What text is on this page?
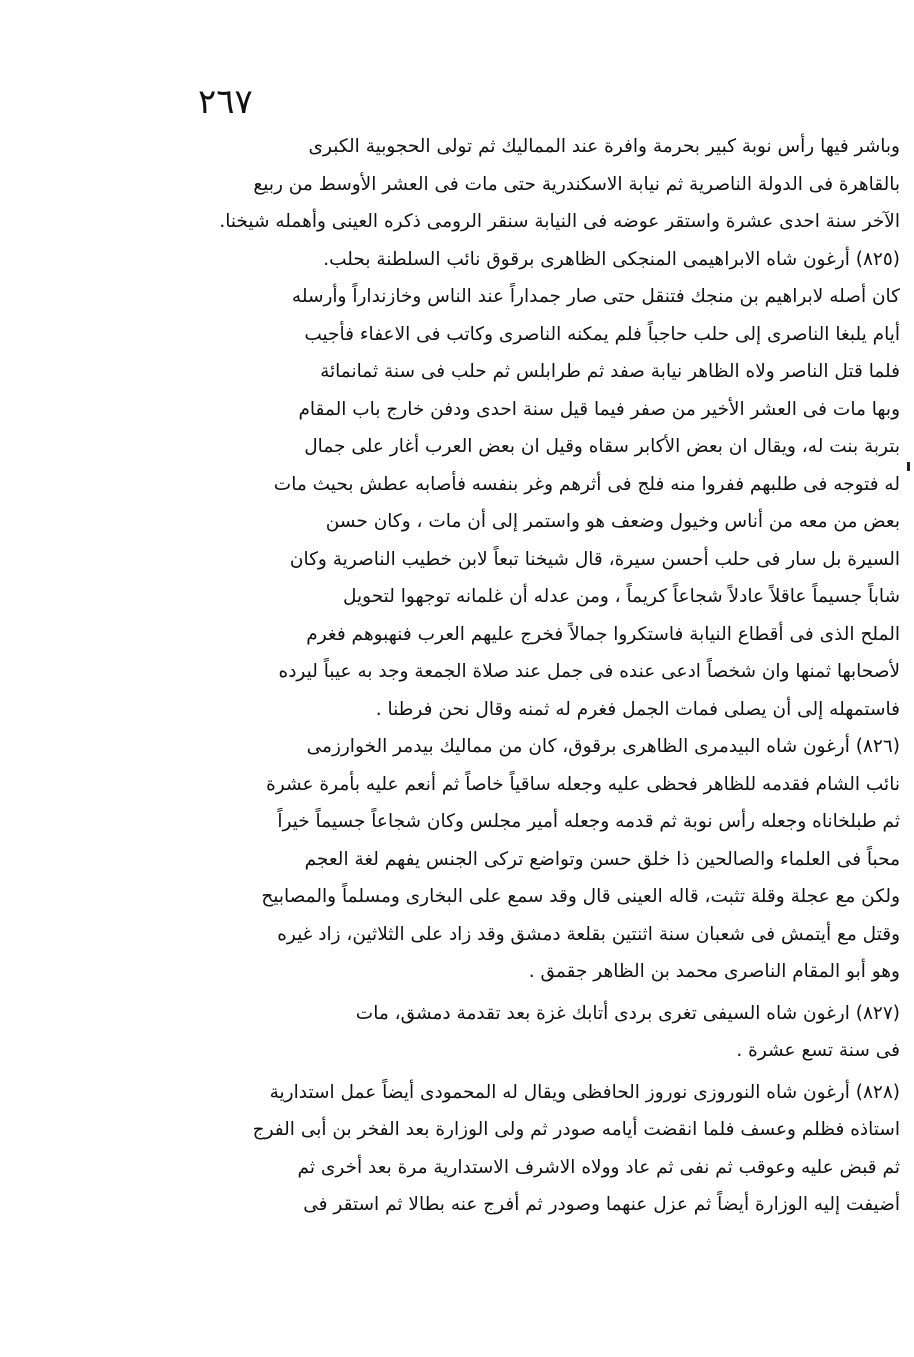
٢٦٧
وباشر فيها رأس نوبة كبير بحرمة وافرة عند المماليك ثم تولى الحجوبية الكبرى
بالقاهرة فى الدولة الناصرية ثم نيابة الاسكندرية حتى مات فى العشر الأوسط من ربيع
الآخر سنة احدى عشرة واستقر عوضه فى النيابة سنقر الرومى ذكره العينى وأهمله شيخنا.
(٨٢٥) أرغون شاه الابراهيمى المنجكى الظاهرى برقوق نائب السلطنة بحلب.
كان أصله لابراهيم بن منجك فتنقل حتى صار جمداراً عند الناس وخازنداراً وأرسله
أيام يلبغا الناصرى إلى حلب حاجباً فلم يمكنه الناصرى وكاتب فى الاعفاء فأجيب
فلما قتل الناصر ولاه الظاهر نيابة صفد ثم طرابلس ثم حلب فى سنة ثمانمائة
وبها مات فى العشر الأخير من صفر فيما قيل سنة احدى ودفن خارج باب المقام
بتربة بنت له، ويقال ان بعض الأكابر سقاه وقيل ان بعض العرب أغار على جمال
له فتوجه فى طلبهم ففروا منه فلج فى أثرهم وغر بنفسه فأصابه عطش بحيث مات
بعض من معه من أناس وخيول وضعف هو واستمر إلى أن مات ، وكان حسن
السيرة بل سار فى حلب أحسن سيرة، قال شيخنا تبعاً لابن خطيب الناصرية وكان
شاباً جسيماً عاقلاً عادلاً شجاعاً كريماً ، ومن عدله أن غلمانه توجهوا لتحويل
الملح الذى فى أقطاع النيابة فاستكروا جمالاً فخرج عليهم العرب فنهبوهم فغرم
لأصحابها ثمنها وان شخصاً ادعى عنده فى جمل عند صلاة الجمعة وجد به عيباً ليرده
فاستمهله إلى أن يصلى فمات الجمل فغرم له ثمنه وقال نحن فرطنا .
(٨٢٦) أرغون شاه البيدمرى الظاهرى برقوق، كان من مماليك بيدمر الخوارزمى
نائب الشام فقدمه للظاهر فحظى عليه وجعله ساقياً خاصاً ثم أنعم عليه بأمرة عشرة
ثم طبلخاناه وجعله رأس نوبة ثم قدمه وجعله أمير مجلس وكان شجاعاً جسيماً خيراً
محباً فى العلماء والصالحين ذا خلق حسن وتواضع تركى الجنس يفهم لغة العجم
ولكن مع عجلة وقلة تثبت، قاله العينى قال وقد سمع على البخارى ومسلماً والمصابيح
وقتل مع أيتمش فى شعبان سنة اثنتين بقلعة دمشق وقد زاد على الثلاثين، زاد غيره
وهو أبو المقام الناصرى محمد بن الظاهر جقمق .
(٨٢٧) ارغون شاه السيفى تغرى بردى أتابك غزة بعد تقدمة دمشق، مات
فى سنة تسع عشرة .
(٨٢٨) أرغون شاه النوروزى نوروز الحافظى ويقال له المحمودى أيضاً عمل استدارية
استاذه فظلم وعسف فلما انقضت أيامه صودر ثم ولى الوزارة بعد الفخر بن أبى الفرج
ثم قبض عليه وعوقب ثم نفى ثم عاد وولاه الاشرف الاستدارية مرة بعد أخرى ثم
أضيفت إليه الوزارة أيضاً ثم عزل عنهما وصودر ثم أفرج عنه بطالا ثم استقر فى
